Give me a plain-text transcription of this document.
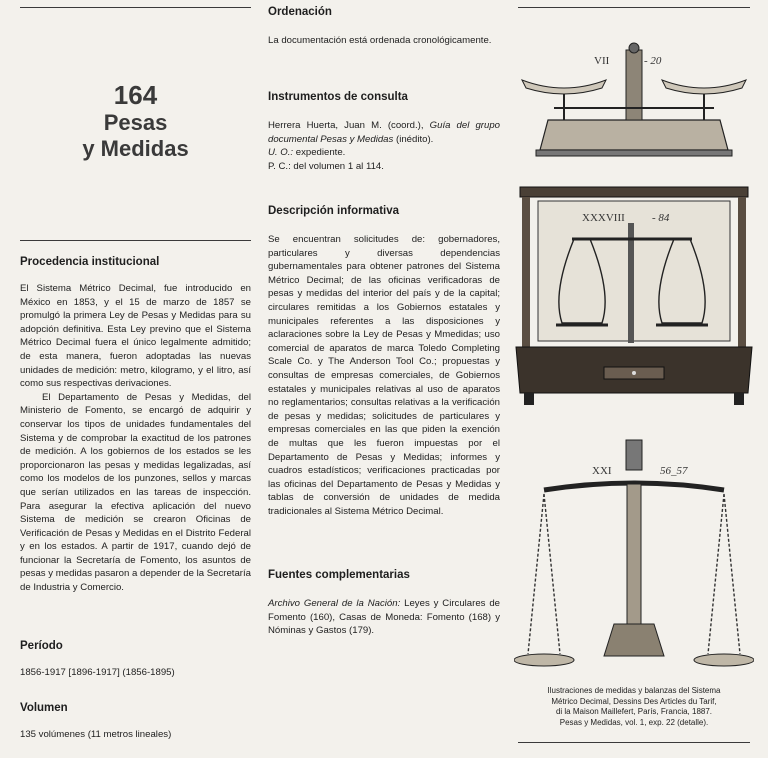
164
Pesas
y Medidas

Procedencia institucional

El Sistema Métrico Decimal, fue introducido en México en 1853, y el 15 de marzo de 1857 se promulgó la primera Ley de Pesas y Medidas para su adopción definitiva. Esta Ley previno que el Sistema Métrico Decimal fuera el único legalmente admitido; de esta manera, fueron adoptadas las nuevas unidades de medición: metro, kilogramo, y el litro, así como sus respectivas derivaciones.

El Departamento de Pesas y Medidas, del Ministerio de Fomento, se encargó de adquirir y conservar los tipos de unidades fundamentales del Sistema y de comprobar la exactitud de los patrones de medición. A los gobiernos de los estados se les proporcionaron las pesas y medidas legalizadas, así como los modelos de los punzones, sellos y marcas que serían utilizados en las tareas de inspección. Para asegurar la efectiva aplicación del nuevo Sistema de medición se crearon Oficinas de Verificación de Pesas y Medidas en el Distrito Federal y en los estados. A partir de 1917, cuando dejó de funcionar la Secretaría de Fomento, los asuntos de pesas y medidas pasaron a depender de la Secretaría de Industria y Comercio.

Período

1856-1917 [1896-1917] (1856-1895)

Volumen

135 volúmenes (11 metros lineales)

Ordenación

La documentación está ordenada cronológicamente.

Instrumentos de consulta

Herrera Huerta, Juan M. (coord.), Guía del grupo documental Pesas y Medidas (inédito).

U. O.: expediente.

P. C.: del volumen 1 al 114.

Descripción informativa

Se encuentran solicitudes de: gobernadores, particulares y diversas dependencias gubernamentales para obtener patrones del Sistema Métrico Decimal; de las oficinas verificadoras de pesas y medidas del interior del país y de la capital; circulares remitidas a los Gobiernos estatales y municipales referentes a las disposiciones y aclaraciones sobre la Ley de Pesas y Mmedidas; uso comercial de aparatos de marca Toledo Completing Scale Co. y The Anderson Tool Co.; propuestas y consultas de empresas comerciales, de Gobiernos estatales y municipales relativas al uso de aparatos no reglamentarios; consultas relativas a la verificación de pesas y medidas; solicitudes de particulares y empresas comerciales en las que piden la exención de multas que les fueron impuestas por el Departamento de Pesas y Medidas; informes y cuadros estadísticos; verificaciones practicadas por las oficinas del Departamento de Pesas y Medidas y tablas de conversión de unidades de medida tradicionales al Sistema Métrico Decimal.

Fuentes complementarias

Archivo General de la Nación: Leyes y Circulares de Fomento (160), Casas de Moneda: Fomento (168) y Nóminas y Gastos (179).

VII	- 20
XXXVIII - 84
XXI	56_57
Ilustraciones de medidas y balanzas del Sistema
Métrico Decimal, Dessins Des Articles du Tarif,
di la Maison Maillefert, París, Francia, 1887.
Pesas y Medidas, vol. 1, exp. 22 (detalle).
